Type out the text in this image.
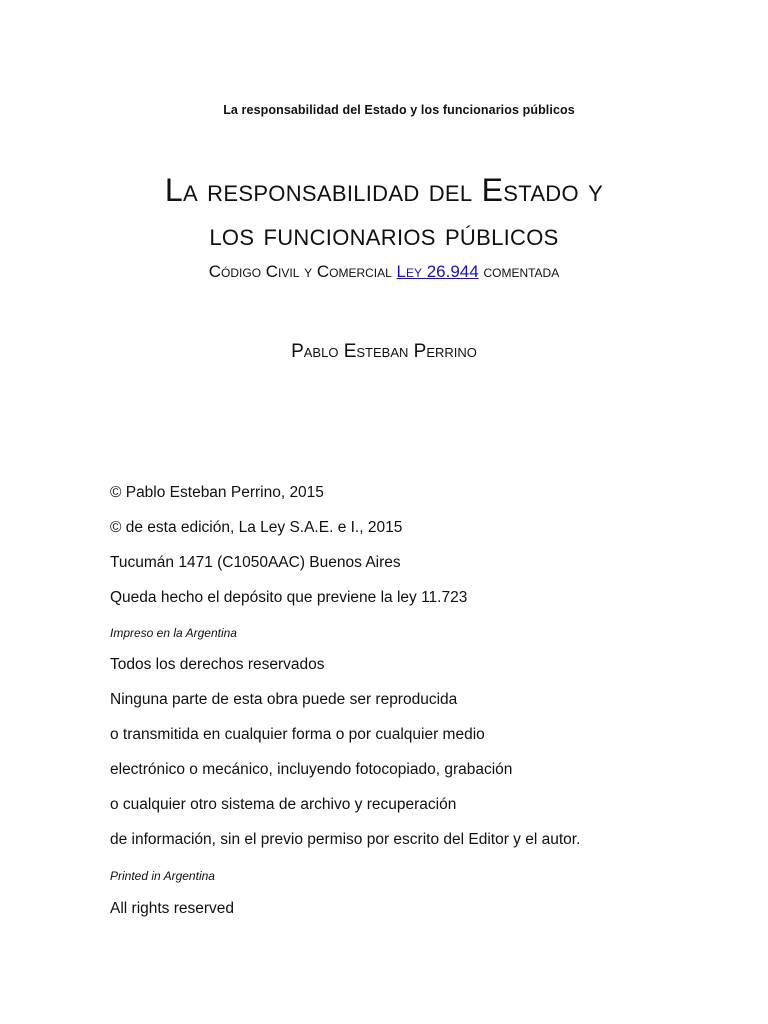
La responsabilidad del Estado y los funcionarios públicos
La responsabilidad del Estado y
los funcionarios públicos
Código Civil y Comercial Ley 26.944 comentada
Pablo Esteban Perrino
© Pablo Esteban Perrino, 2015
© de esta edición, La Ley S.A.E. e I., 2015
Tucumán 1471 (C1050AAC) Buenos Aires
Queda hecho el depósito que previene la ley 11.723
Impreso en la Argentina
Todos los derechos reservados
Ninguna parte de esta obra puede ser reproducida
o transmitida en cualquier forma o por cualquier medio
electrónico o mecánico, incluyendo fotocopiado, grabación
o cualquier otro sistema de archivo y recuperación
de información, sin el previo permiso por escrito del Editor y el autor.
Printed in Argentina
All rights reserved
